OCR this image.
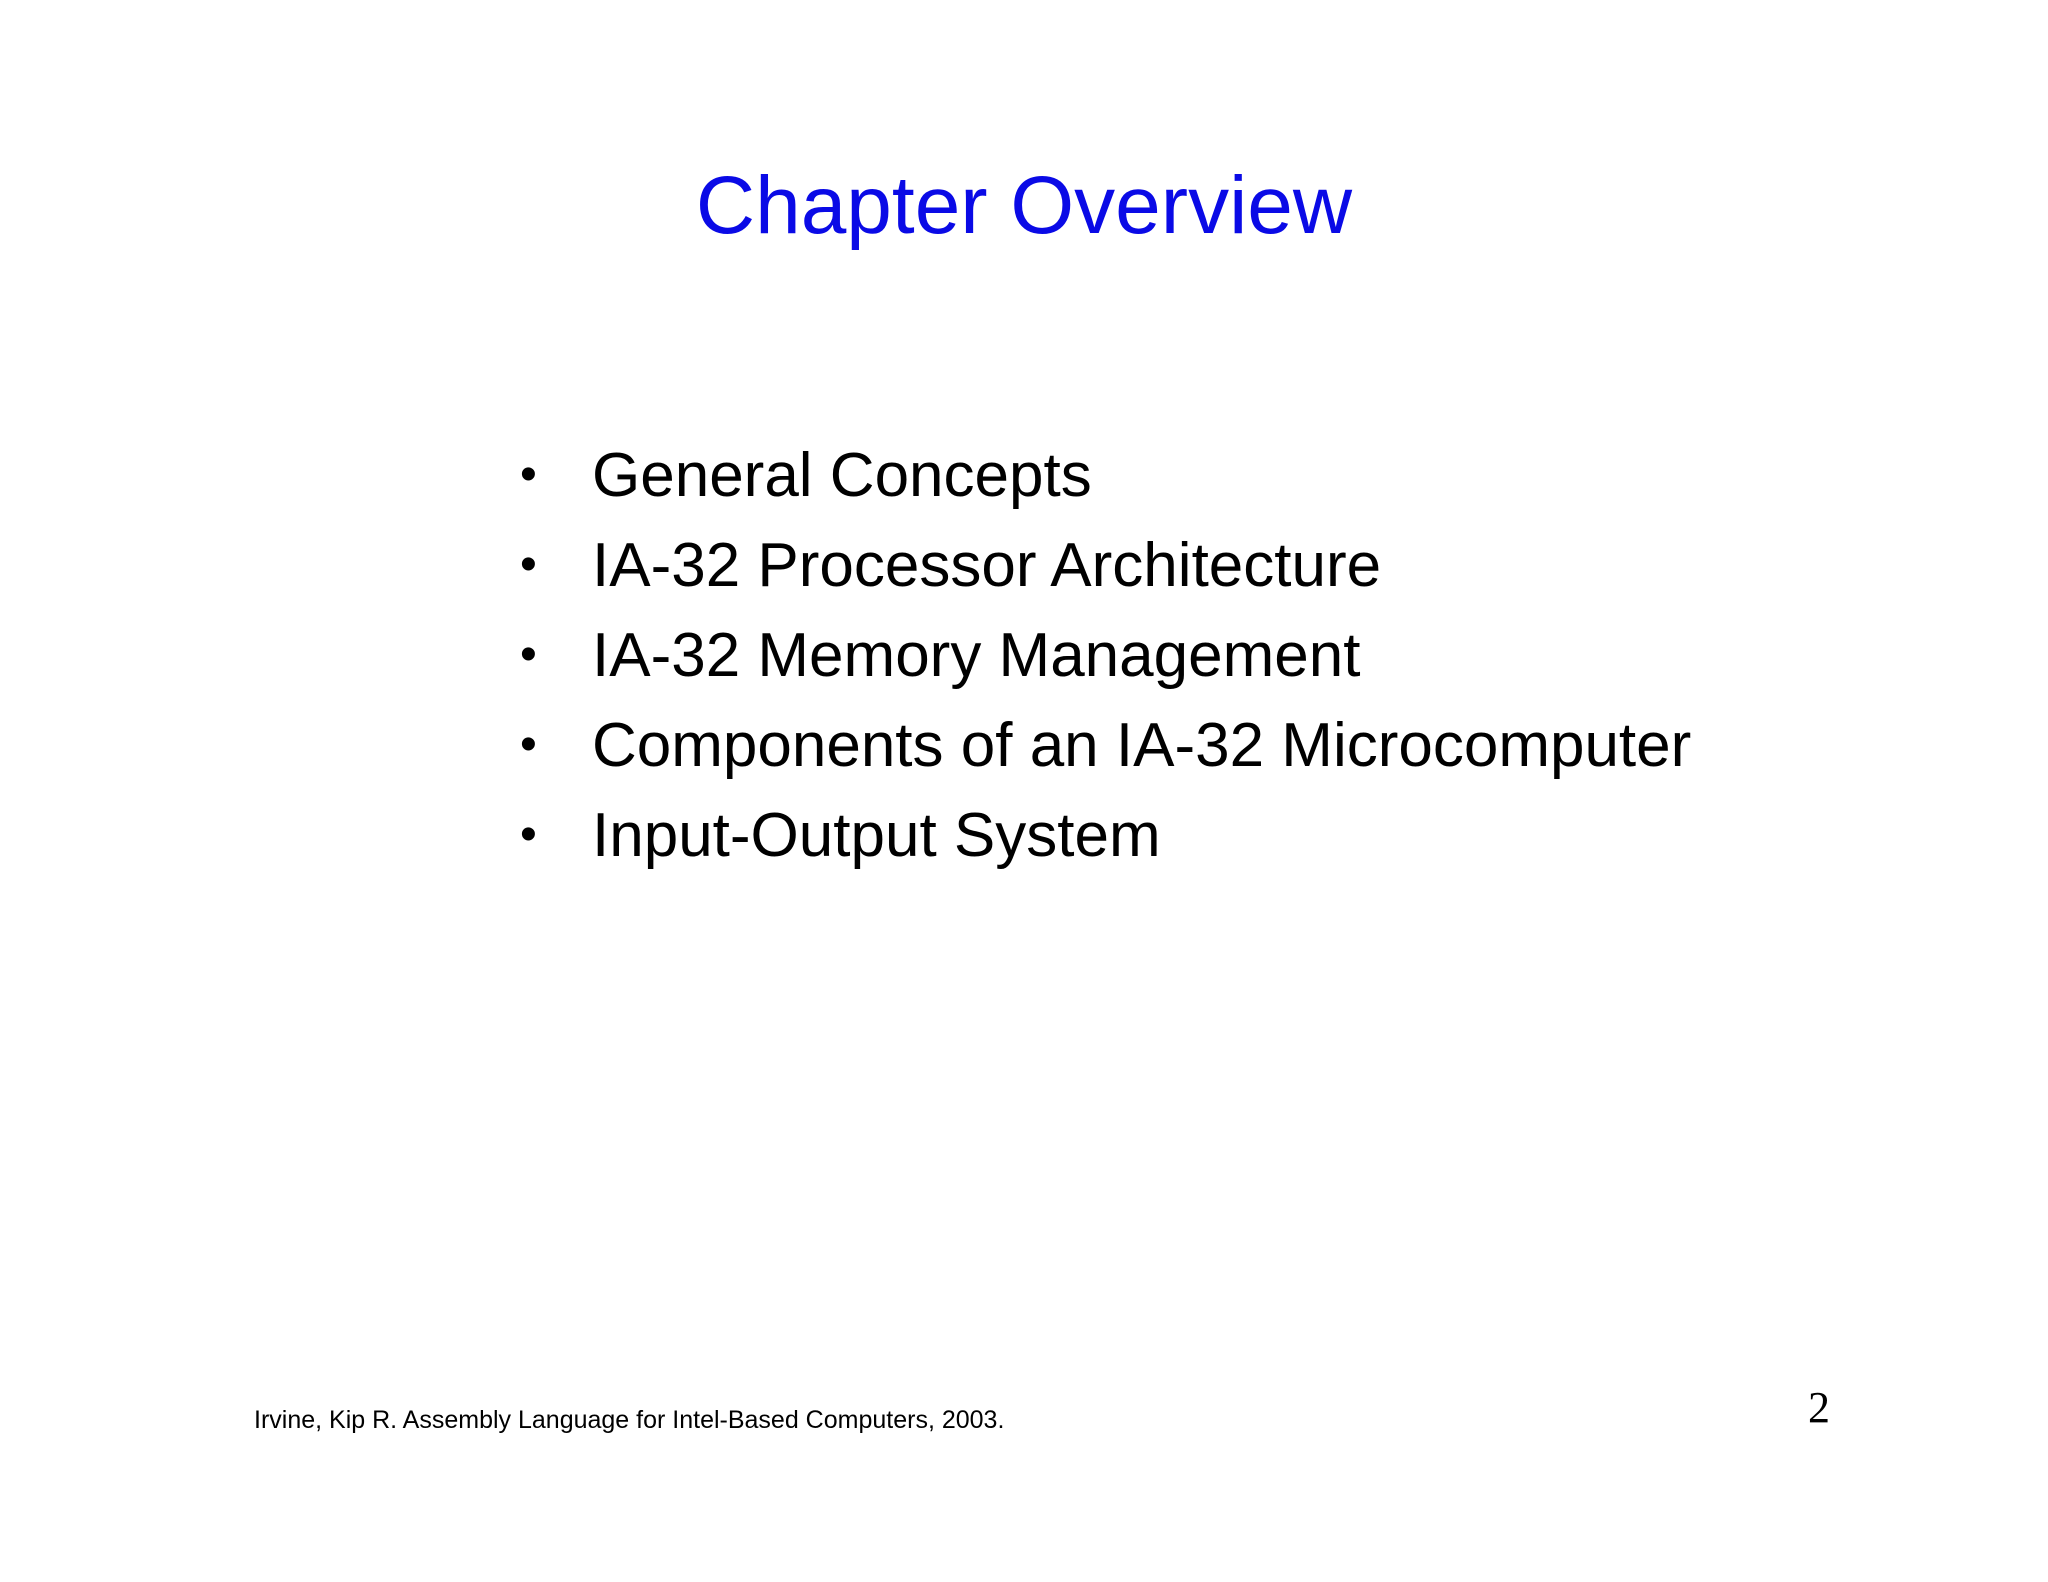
Chapter Overview
• General Concepts
• IA-32 Processor Architecture
• IA-32 Memory Management
• Components of an IA-32 Microcomputer
• Input-Output System
Irvine, Kip R. Assembly Language for Intel-Based Computers, 2003.	2
